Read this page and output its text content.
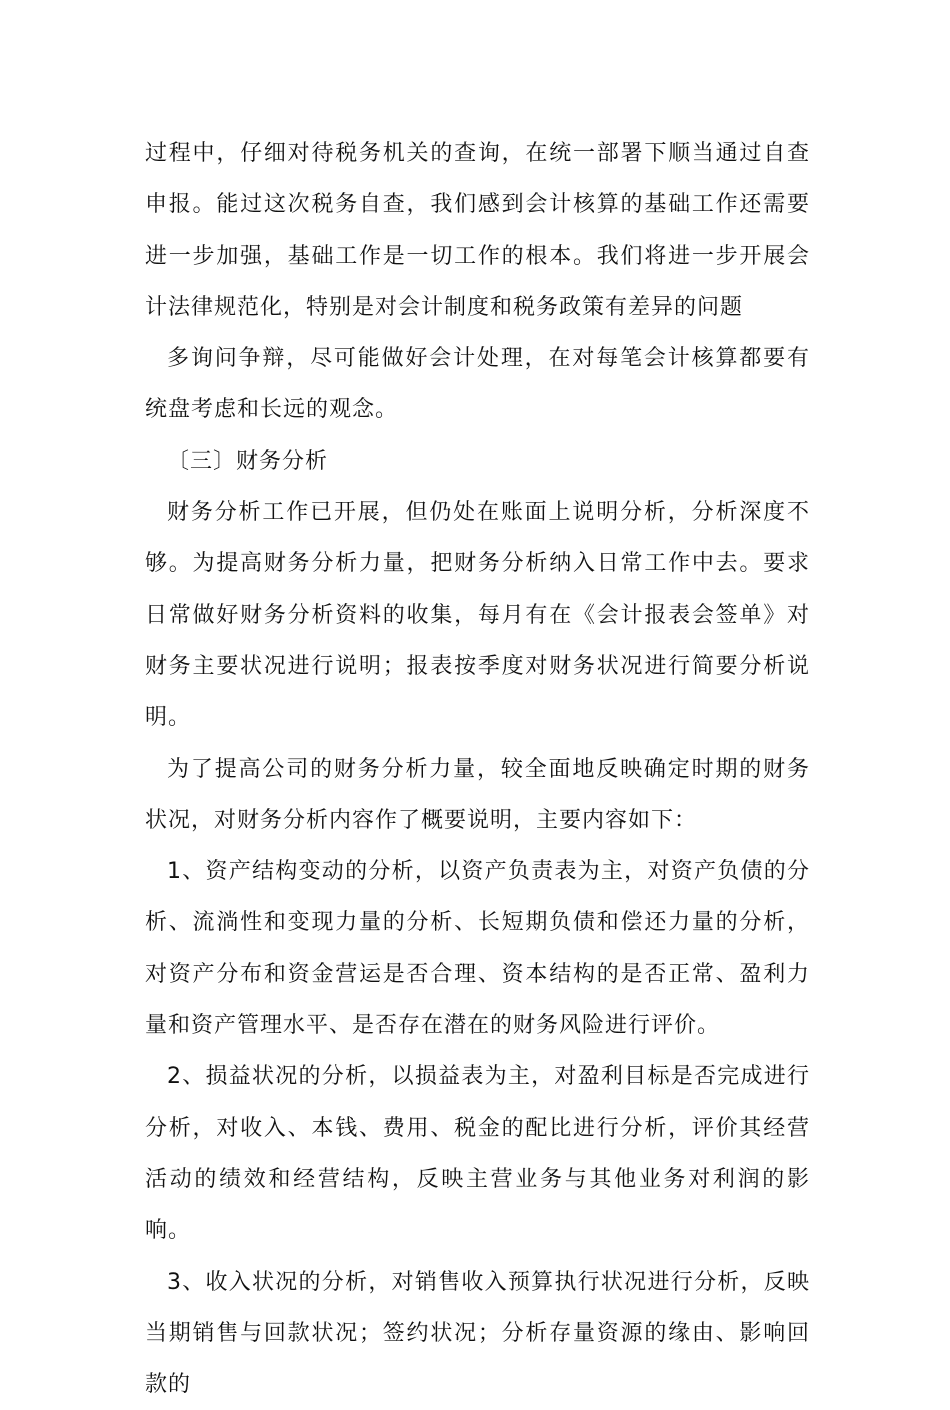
过程中，仔细对待税务机关的查询，在统一部署下顺当通过自查申报。能过这次税务自查，我们感到会计核算的基础工作还需要进一步加强，基础工作是一切工作的根本。我们将进一步开展会计法律规范化，特别是对会计制度和税务政策有差异的问题

多询问争辩，尽可能做好会计处理，在对每笔会计核算都要有统盘考虑和长远的观念。

〔三〕财务分析

财务分析工作已开展，但仍处在账面上说明分析，分析深度不够。为提高财务分析力量，把财务分析纳入日常工作中去。要求日常做好财务分析资料的收集，每月有在《会计报表会签单》对财务主要状况进行说明；报表按季度对财务状况进行简要分析说明。

为了提高公司的财务分析力量，较全面地反映确定时期的财务状况，对财务分析内容作了概要说明，主要内容如下：

1、资产结构变动的分析，以资产负责表为主，对资产负债的分析、流淌性和变现力量的分析、长短期负债和偿还力量的分析，对资产分布和资金营运是否合理、资本结构的是否正常、盈利力量和资产管理水平、是否存在潜在的财务风险进行评价。

2、损益状况的分析，以损益表为主，对盈利目标是否完成进行分析，对收入、本钱、费用、税金的配比进行分析，评价其经营活动的绩效和经营结构，反映主营业务与其他业务对利润的影响。

3、收入状况的分析，对销售收入预算执行状况进行分析，反映当期销售与回款状况；签约状况；分析存量资源的缘由、影响回款的
